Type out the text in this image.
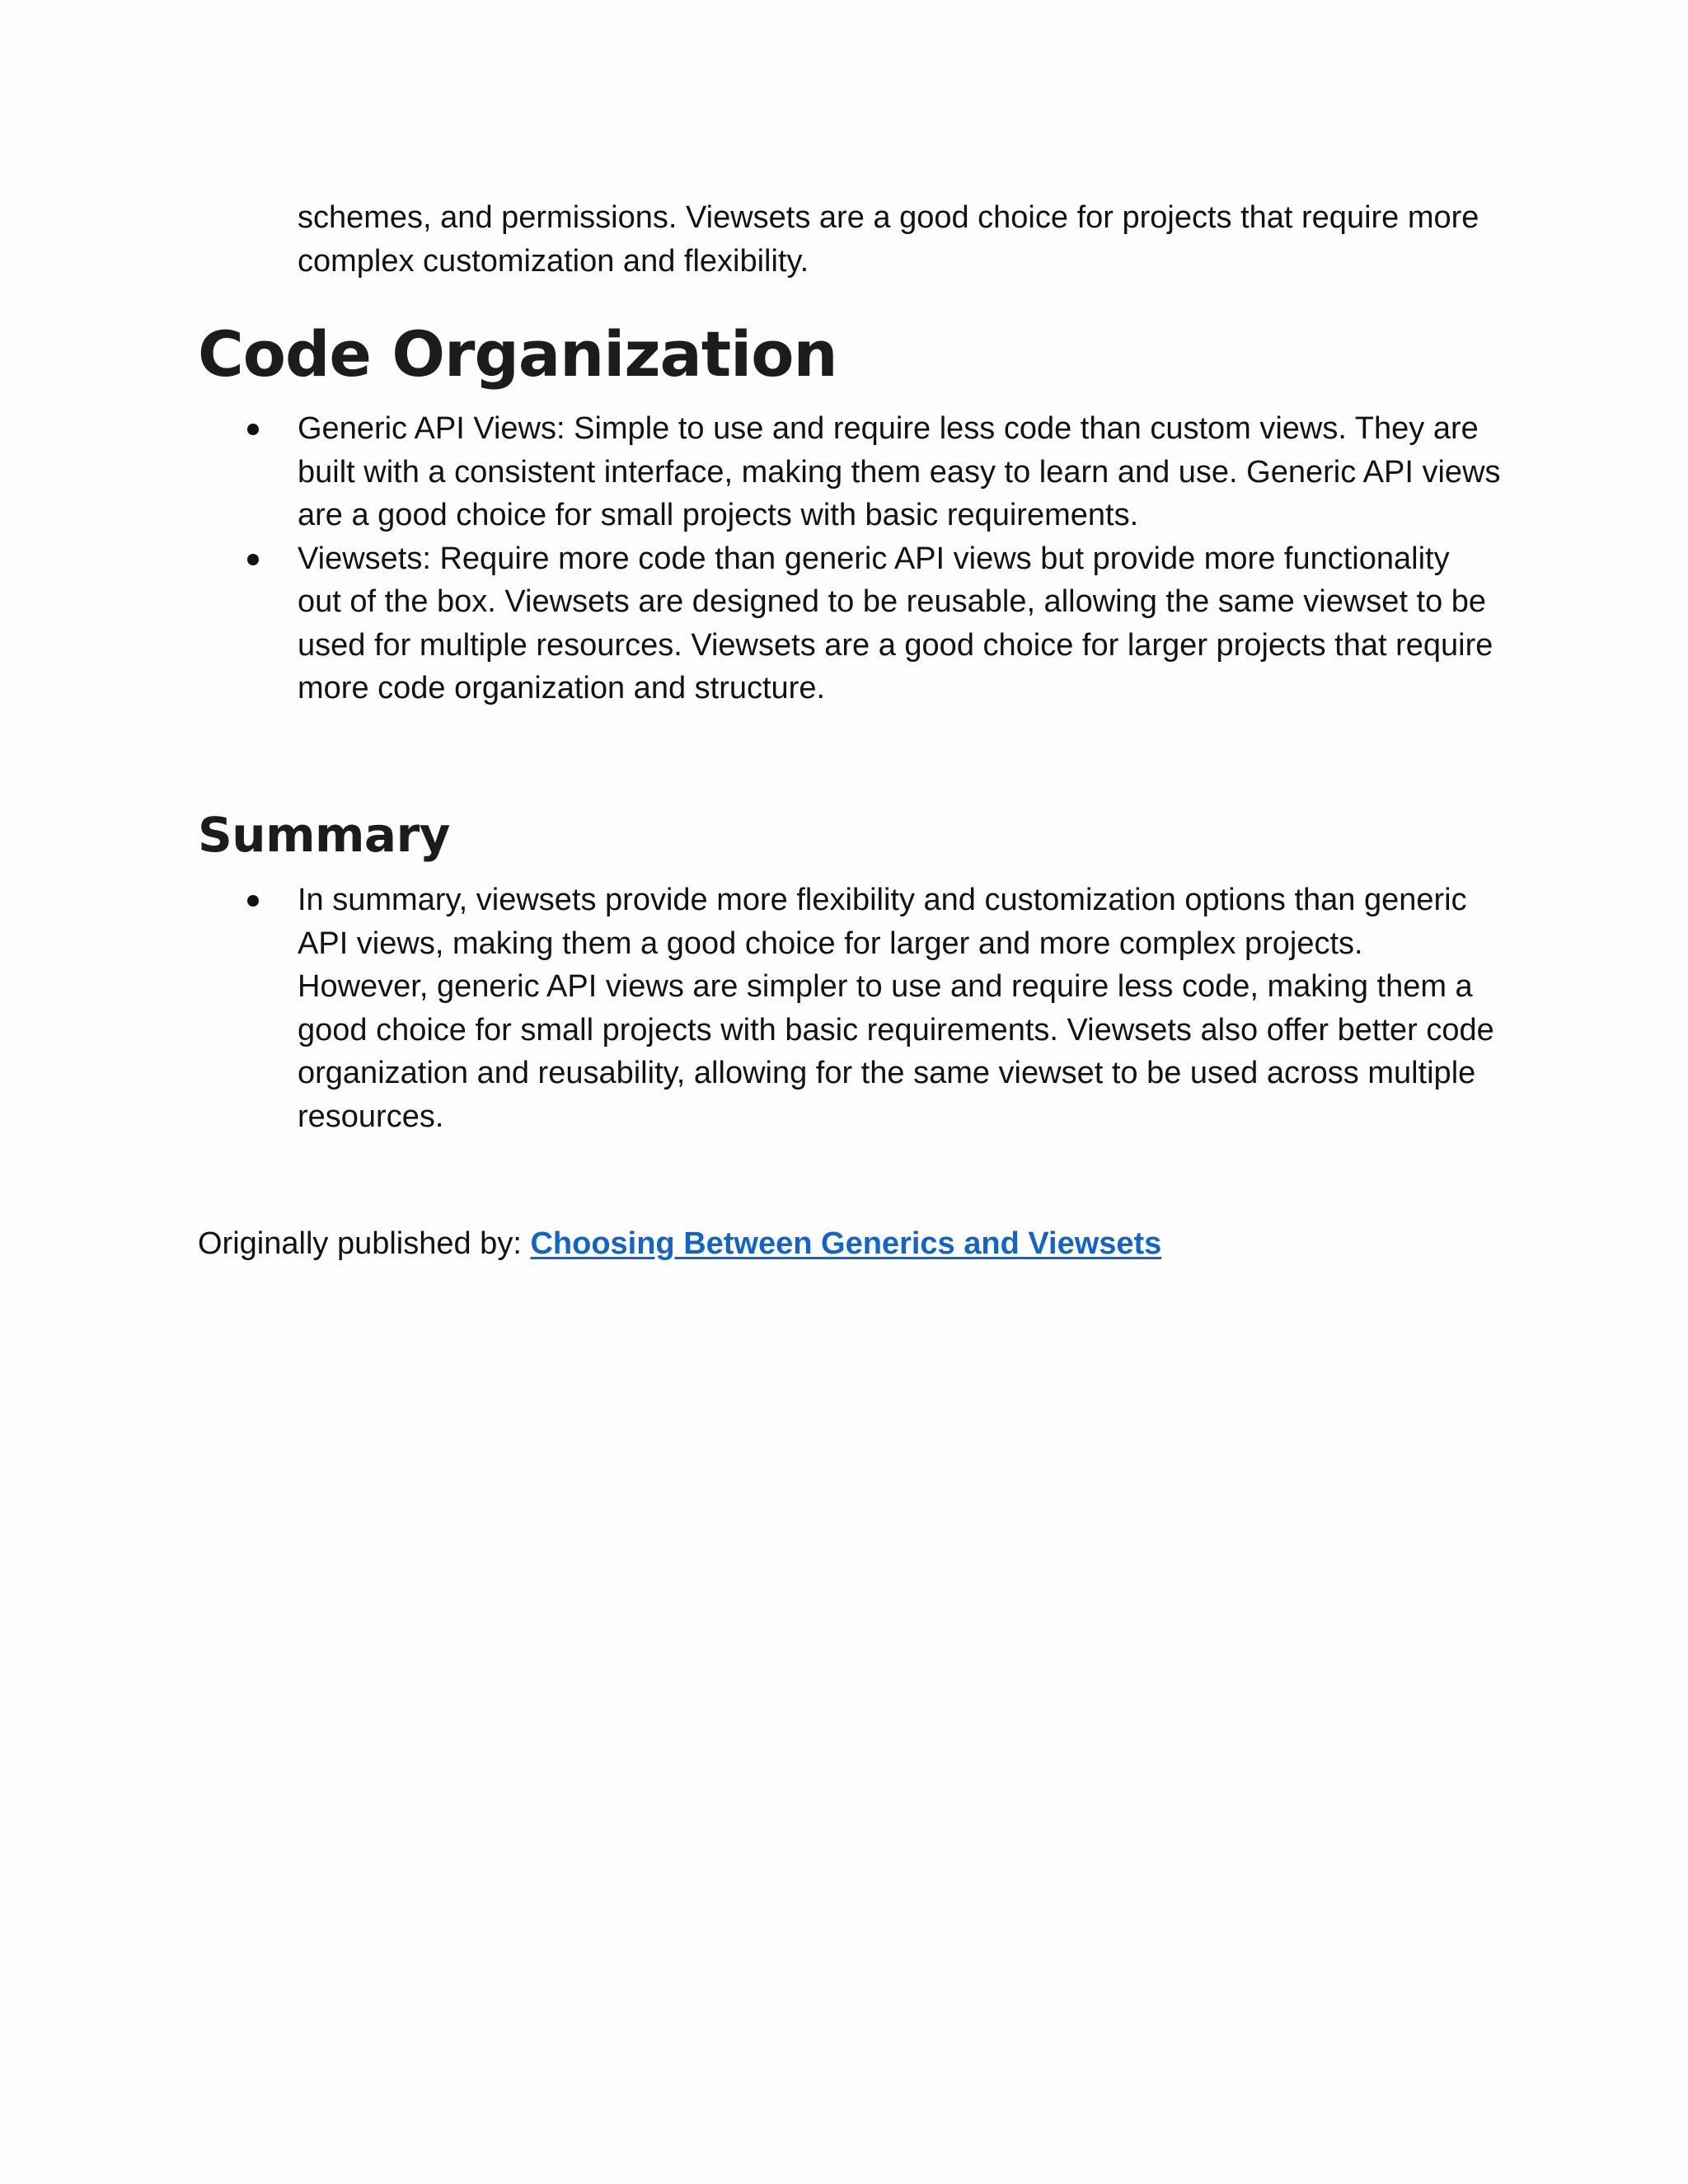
schemes, and permissions. Viewsets are a good choice for projects that require more complex customization and flexibility.

Code Organization
Generic API Views: Simple to use and require less code than custom views. They are built with a consistent interface, making them easy to learn and use. Generic API views are a good choice for small projects with basic requirements.
Viewsets: Require more code than generic API views but provide more functionality out of the box. Viewsets are designed to be reusable, allowing the same viewset to be used for multiple resources. Viewsets are a good choice for larger projects that require more code organization and structure.
Summary
In summary, viewsets provide more flexibility and customization options than generic API views, making them a good choice for larger and more complex projects. However, generic API views are simpler to use and require less code, making them a good choice for small projects with basic requirements. Viewsets also offer better code organization and reusability, allowing for the same viewset to be used across multiple resources.
Originally published by: Choosing Between Generics and Viewsets
